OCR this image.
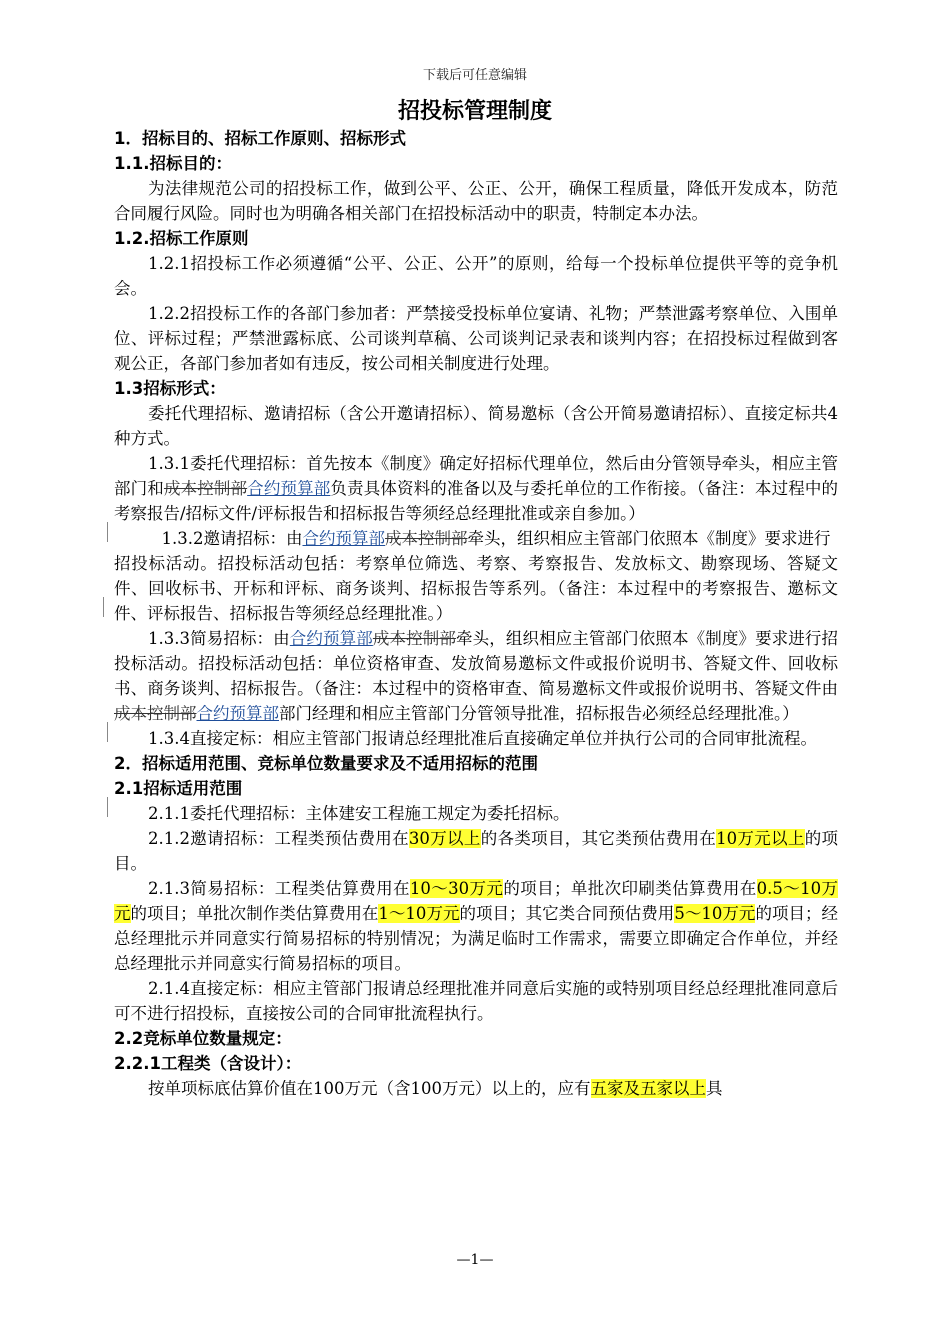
下载后可任意编辑
招投标管理制度

1．招标目的、招标工作原则、招标形式

1.1.招标目的：

为法律规范公司的招投标工作，做到公平、公正、公开，确保工程质量，降低开发成本，防范合同履行风险。同时也为明确各相关部门在招投标活动中的职责，特制定本办法。

1.2.招标工作原则

1.2.1招投标工作必须遵循“公平、公正、公开”的原则，给每一个投标单位提供平等的竞争机会。

1.2.2招投标工作的各部门参加者：严禁接受投标单位宴请、礼物；严禁泄露考察单位、入围单位、评标过程；严禁泄露标底、公司谈判草稿、公司谈判记录表和谈判内容；在招投标过程做到客观公正，各部门参加者如有违反，按公司相关制度进行处理。

1.3招标形式：

委托代理招标、邀请招标（含公开邀请招标）、简易邀标（含公开简易邀请招标）、直接定标共4种方式。

1.3.1委托代理招标：首先按本《制度》确定好招标代理单位，然后由分管领导牵头，相应主管部门和成本控制部合约预算部负责具体资料的准备以及与委托单位的工作衔接。（备注：本过程中的考察报告/招标文件/评标报告和招标报告等须经总经理批准或亲自参加。）

1.3.2邀请招标：由合约预算部成本控制部牵头，组织相应主管部门依照本《制度》要求进行

招投标活动。招投标活动包括：考察单位筛选、考察、考察报告、发放标文、勘察现场、答疑文件、回收标书、开标和评标、商务谈判、招标报告等系列。（备注：本过程中的考察报告、邀标文件、评标报告、招标报告等须经总经理批准。）

1.3.3简易招标：由合约预算部成本控制部牵头，组织相应主管部门依照本《制度》要求进行招投标活动。招投标活动包括：单位资格审查、发放简易邀标文件或报价说明书、答疑文件、回收标书、商务谈判、招标报告。（备注：本过程中的资格审查、简易邀标文件或报价说明书、答疑文件由成本控制部合约预算部部门经理和相应主管部门分管领导批准，招标报告必须经总经理批准。）

1.3.4直接定标：相应主管部门报请总经理批准后直接确定单位并执行公司的合同审批流程。

2．招标适用范围、竞标单位数量要求及不适用招标的范围

2.1招标适用范围

2.1.1委托代理招标：主体建安工程施工规定为委托招标。

2.1.2邀请招标：工程类预估费用在30万以上的各类项目，其它类预估费用在10万元以上的项目。

2.1.3简易招标：工程类估算费用在10～30万元的项目；单批次印刷类估算费用在0.5～10万元的项目；单批次制作类估算费用在1～10万元的项目；其它类合同预估费用5～10万元的项目；经总经理批示并同意实行简易招标的特别情况；为满足临时工作需求，需要立即确定合作单位，并经总经理批示并同意实行简易招标的项目。

2.1.4直接定标：相应主管部门报请总经理批准并同意后实施的或特别项目经总经理批准同意后可不进行招投标，直接按公司的合同审批流程执行。

2.2竞标单位数量规定：

2.2.1工程类（含设计）：

按单项标底估算价值在100万元（含100万元）以上的，应有五家及五家以上具

—1—
